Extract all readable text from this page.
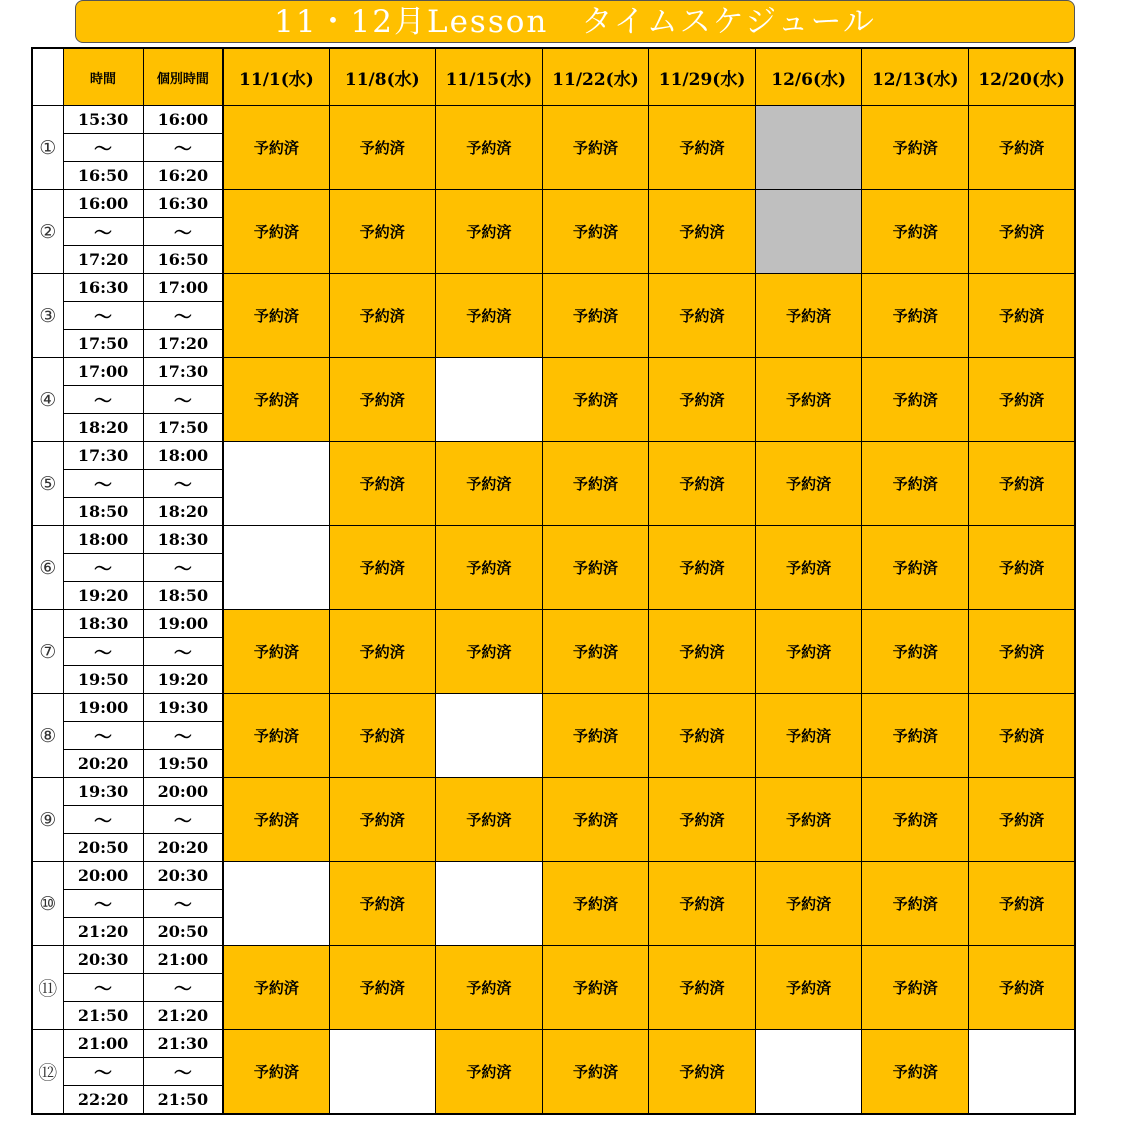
11・12月Lesson　タイムスケジュール
	時間	個別時間	11/1(水)	11/8(水)	11/15(水)	11/22(水)	11/29(水)	12/6(水)	12/13(水)	12/20(水)
①	15:30	16:00	予約済	予約済	予約済	予約済	予約済		予約済	予約済
	～	～								
	16:50	16:20								
②	16:00	16:30	予約済	予約済	予約済	予約済	予約済		予約済	予約済
	～	～								
	17:20	16:50								
③	16:30	17:00	予約済	予約済	予約済	予約済	予約済	予約済	予約済	予約済
	～	～								
	17:50	17:20								
④	17:00	17:30	予約済	予約済		予約済	予約済	予約済	予約済	予約済
	～	～								
	18:20	17:50								
⑤	17:30	18:00		予約済	予約済	予約済	予約済	予約済	予約済	予約済
	～	～								
	18:50	18:20								
⑥	18:00	18:30		予約済	予約済	予約済	予約済	予約済	予約済	予約済
	～	～								
	19:20	18:50								
⑦	18:30	19:00	予約済	予約済	予約済	予約済	予約済	予約済	予約済	予約済
	～	～								
	19:50	19:20								
⑧	19:00	19:30	予約済	予約済		予約済	予約済	予約済	予約済	予約済
	～	～								
	20:20	19:50								
⑨	19:30	20:00	予約済	予約済	予約済	予約済	予約済	予約済	予約済	予約済
	～	～								
	20:50	20:20								
⑩	20:00	20:30		予約済		予約済	予約済	予約済	予約済	予約済
	～	～								
	21:20	20:50								
⑪	20:30	21:00	予約済	予約済	予約済	予約済	予約済	予約済	予約済	予約済
	～	～								
	21:50	21:20								
⑫	21:00	21:30	予約済		予約済	予約済	予約済		予約済	
	～	～								
	22:20	21:50								
